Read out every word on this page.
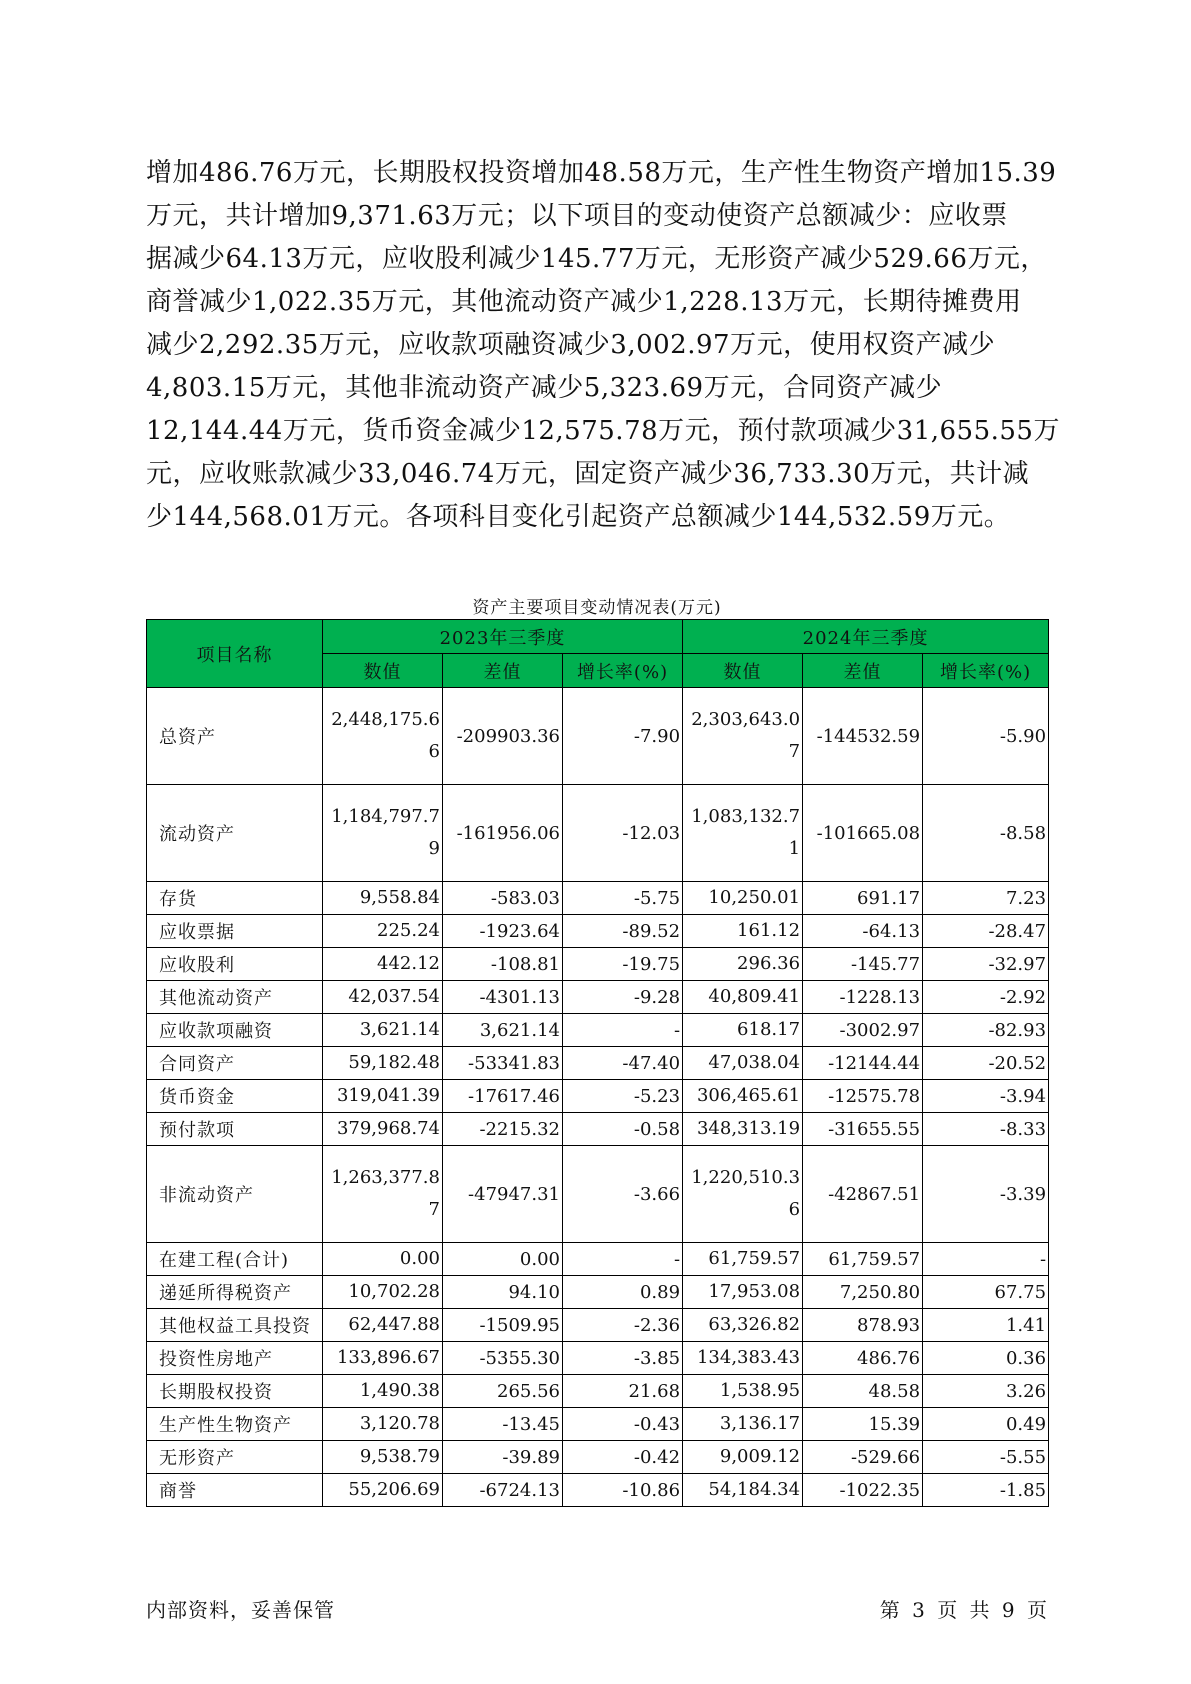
增加486.76万元，长期股权投资增加48.58万元，生产性生物资产增加15.39

万元，共计增加9,371.63万元；以下项目的变动使资产总额减少：应收票

据减少64.13万元，应收股利减少145.77万元，无形资产减少529.66万元，

商誉减少1,022.35万元，其他流动资产减少1,228.13万元，长期待摊费用

减少2,292.35万元，应收款项融资减少3,002.97万元，使用权资产减少

4,803.15万元，其他非流动资产减少5,323.69万元，合同资产减少

12,144.44万元，货币资金减少12,575.78万元，预付款项减少31,655.55万

元，应收账款减少33,046.74万元，固定资产减少36,733.30万元，共计减

少144,568.01万元。各项科目变化引起资产总额减少144,532.59万元。

资产主要项目变动情况表(万元)
项目名称	2023年三季度			2024年三季度		
	数值	差值	增长率(%)	数值	差值	增长率(%)
总资产	2,448,175.66	-209903.36	-7.90	2,303,643.07	-144532.59	-5.90
流动资产	1,184,797.79	-161956.06	-12.03	1,083,132.71	-101665.08	-8.58
存货	9,558.84	-583.03	-5.75	10,250.01	691.17	7.23
应收票据	225.24	-1923.64	-89.52	161.12	-64.13	-28.47
应收股利	442.12	-108.81	-19.75	296.36	-145.77	-32.97
其他流动资产	42,037.54	-4301.13	-9.28	40,809.41	-1228.13	-2.92
应收款项融资	3,621.14	3,621.14	-	618.17	-3002.97	-82.93
合同资产	59,182.48	-53341.83	-47.40	47,038.04	-12144.44	-20.52
货币资金	319,041.39	-17617.46	-5.23	306,465.61	-12575.78	-3.94
预付款项	379,968.74	-2215.32	-0.58	348,313.19	-31655.55	-8.33
非流动资产	1,263,377.87	-47947.31	-3.66	1,220,510.36	-42867.51	-3.39
在建工程(合计)	0.00	0.00	-	61,759.57	61,759.57	-
递延所得税资产	10,702.28	94.10	0.89	17,953.08	7,250.80	67.75
其他权益工具投资	62,447.88	-1509.95	-2.36	63,326.82	878.93	1.41
投资性房地产	133,896.67	-5355.30	-3.85	134,383.43	486.76	0.36
长期股权投资	1,490.38	265.56	21.68	1,538.95	48.58	3.26
生产性生物资产	3,120.78	-13.45	-0.43	3,136.17	15.39	0.49
无形资产	9,538.79	-39.89	-0.42	9,009.12	-529.66	-5.55
商誉	55,206.69	-6724.13	-10.86	54,184.34	-1022.35	-1.85
内部资料，妥善保管	第 3 页 共 9 页
